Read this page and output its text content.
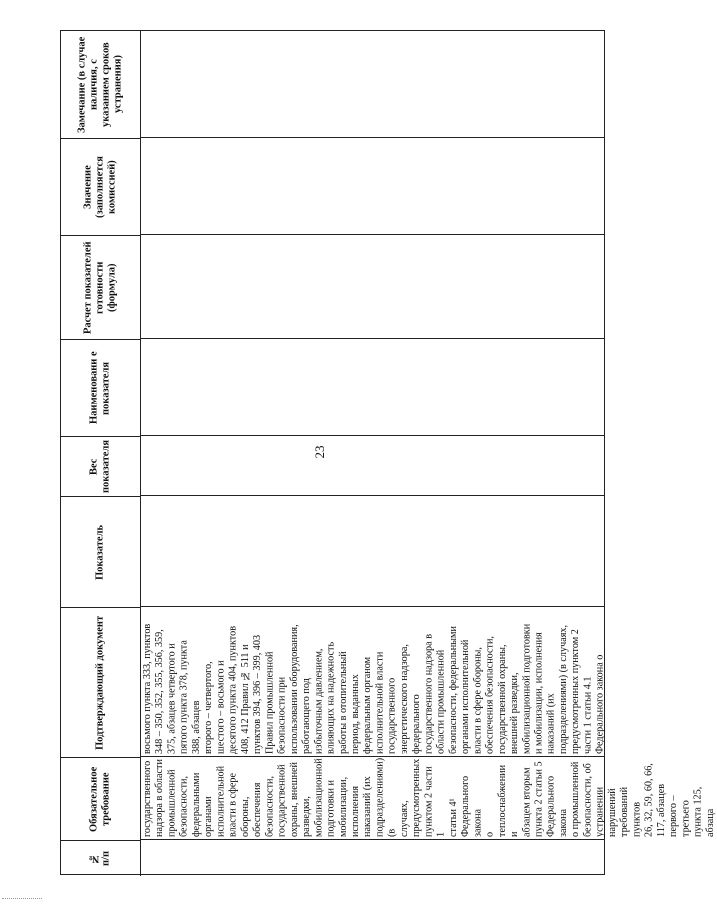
23
Замечание (в случае наличия, с указанием сроков устранения)
Значение (заполняется комиссией)
Расчет показателей готовности (формула)
Наименовани е показателя
Вес показателя
Показатель
Подтверждающий документ
Обязательное требование
№
п/п
восьмого пункта 333, пунктов
348 – 350, 352, 355, 356, 359,
375, абзацев четвертого и
пятого пункта 378, пункта
388, абзацев
второго – четвертого,
шестого – восьмого и
десятого пункта 404, пунктов
408, 412 Правил № 511 и
пунктов 394, 396 – 399, 403
Правил промышленной
безопасности при
использовании оборудования,
работающего под
избыточным давлением,
влияющих на надежность
работы в отопительный
период, выданных
федеральным органом
исполнительной власти
государственного
энергетического надзора,
федерального
государственного надзора в
области промышленной
безопасности, федеральными
органами исполнительной
власти в сфере обороны,
обеспечения безопасности,
государственной охраны,
внешней разведки,
мобилизационной подготовки
и мобилизации, исполнения
наказаний (их
подразделениями) (в случаях,
предусмотренных пунктом 2
части 1 статьи 4.1
Федерального закона о
государственного
надзора в области
промышленной
безопасности,
федеральными
органами
исполнительной
власти в сфере
обороны,
обеспечения
безопасности,
государственной
охраны, внешней
разведки,
мобилизационной
подготовки и
мобилизации,
исполнения
наказаний (их
подразделениями) (в
случаях,
предусмотренных
пунктом 2 части 1
статьи 4¹
Федерального закона
о теплоснабжении и
абзацем вторым
пункта 2 статьи 5
Федерального закона
о промышленной
безопасности, об
устранении
нарушений
требований пунктов
26, 32, 59, 60, 66,
117, абзацев
первого – третьего
пункта 125, абзаца
